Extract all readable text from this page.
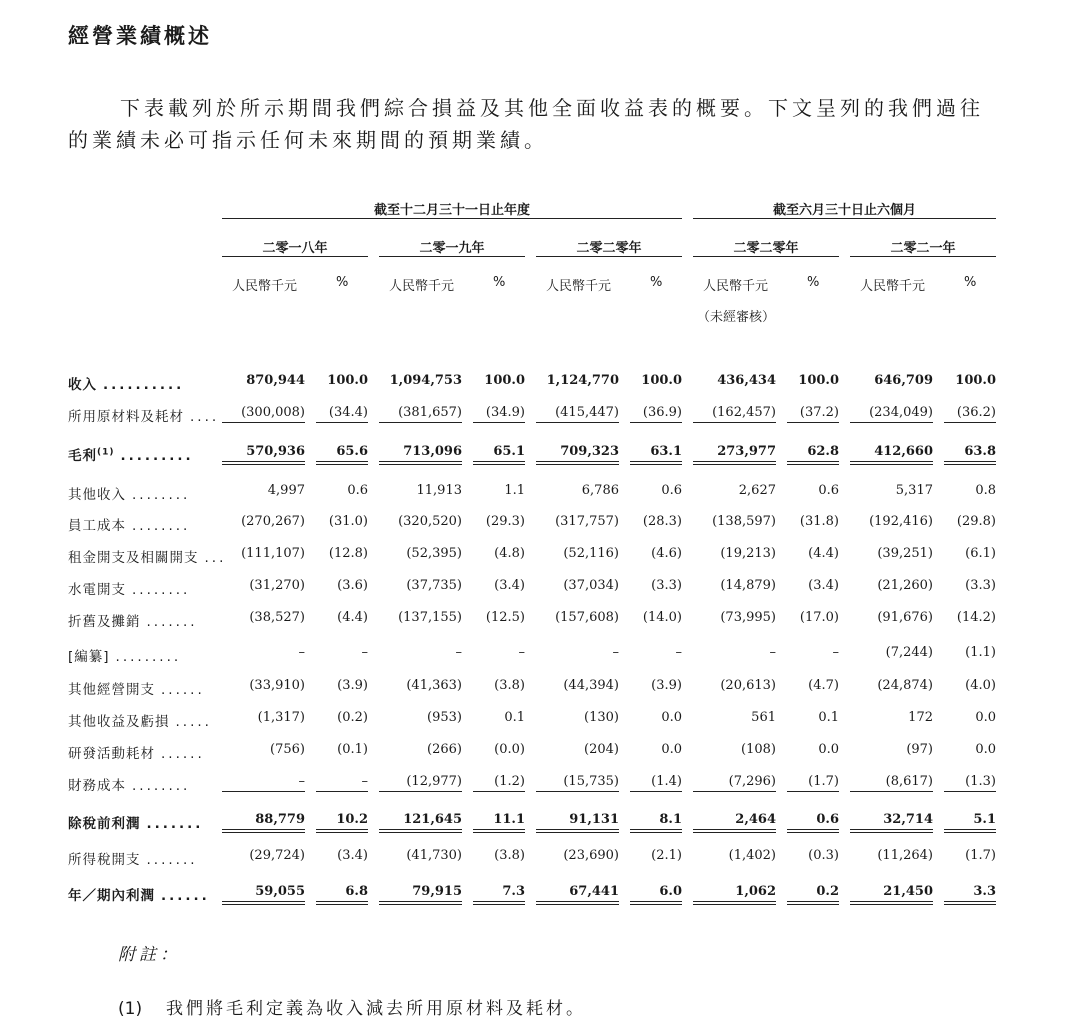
經營業績概述
下表載列於所示期間我們綜合損益及其他全面收益表的概要。下文呈列的我們過往的業績未必可指示任何未來期間的預期業績。
截至十二月三十一日止年度	截至六月三十日止六個月
二零一八年	二零一九年	二零二零年	二零二零年	二零二一年
人民幣千元	%	人民幣千元	%	人民幣千元	%	人民幣千元	%	人民幣千元	%
（未經審核）
收入 ..........	870,944	100.0	1,094,753	100.0	1,124,770	100.0	436,434	100.0	646,709	100.0
所用原材料及耗材 ....	(300,008)	(34.4)	(381,657)	(34.9)	(415,447)	(36.9)	(162,457)	(37.2)	(234,049)	(36.2)
毛利$^{(1)}$ .........	570,936	65.6	713,096	65.1	709,323	63.1	273,977	62.8	412,660	63.8
其他收入 ........	4,997	0.6	11,913	1.1	6,786	0.6	2,627	0.6	5,317	0.8
員工成本 ........	(270,267)	(31.0)	(320,520)	(29.3)	(317,757)	(28.3)	(138,597)	(31.8)	(192,416)	(29.8)
租金開支及相關開支 ...	(111,107)	(12.8)	(52,395)	(4.8)	(52,116)	(4.6)	(19,213)	(4.4)	(39,251)	(6.1)
水電開支 ........	(31,270)	(3.6)	(37,735)	(3.4)	(37,034)	(3.3)	(14,879)	(3.4)	(21,260)	(3.3)
折舊及攤銷 .......	(38,527)	(4.4)	(137,155)	(12.5)	(157,608)	(14.0)	(73,995)	(17.0)	(91,676)	(14.2)
[編纂] .........	–	–	–	–	–	–	–	–	(7,244)	(1.1)
其他經營開支 ......	(33,910)	(3.9)	(41,363)	(3.8)	(44,394)	(3.9)	(20,613)	(4.7)	(24,874)	(4.0)
其他收益及虧損 .....	(1,317)	(0.2)	(953)	0.1	(130)	0.0	561	0.1	172	0.0
研發活動耗材 ......	(756)	(0.1)	(266)	(0.0)	(204)	0.0	(108)	0.0	(97)	0.0
財務成本 ........	–	–	(12,977)	(1.2)	(15,735)	(1.4)	(7,296)	(1.7)	(8,617)	(1.3)
除稅前利潤 .......	88,779	10.2	121,645	11.1	91,131	8.1	2,464	0.6	32,714	5.1
所得稅開支 .......	(29,724)	(3.4)	(41,730)	(3.8)	(23,690)	(2.1)	(1,402)	(0.3)	(11,264)	(1.7)
年／期內利潤 ......	59,055	6.8	79,915	7.3	67,441	6.0	1,062	0.2	21,450	3.3
附註：
(1) 我們將毛利定義為收入減去所用原材料及耗材。
